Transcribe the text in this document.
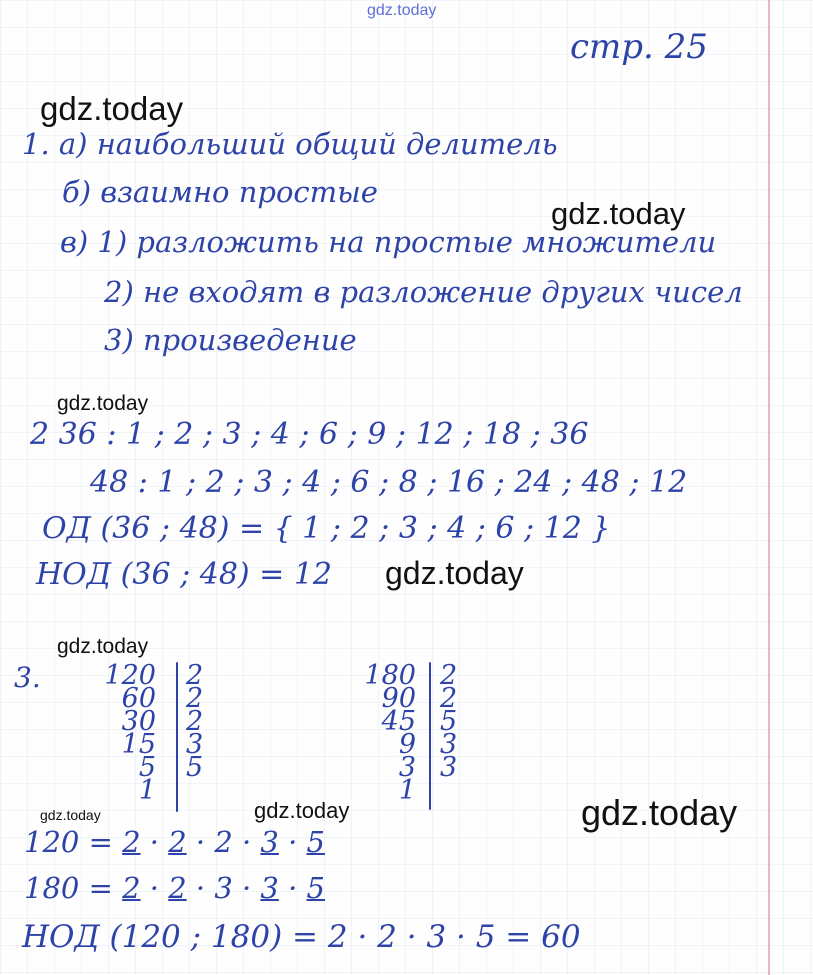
gdz.today
gdz.today
gdz.today
gdz.today
gdz.today
gdz.today
gdz.today	gdz.today	gdz.today
стр. 25
1. а) наибольший общий делитель
б) взаимно простые
в) 1) разложить на простые множители
2) не входят в разложение других чисел
3) произведение
2 36 : 1 ; 2 ; 3 ; 4 ; 6 ; 9 ; 12 ; 18 ; 36
48 : 1 ; 2 ; 3 ; 4 ; 6 ; 8 ; 16 ; 24 ; 48 ; 12
ОД (36 ; 48) = { 1 ; 2 ; 3 ; 4 ; 6 ; 12 }
НОД (36 ; 48) = 12
3. 120
60
30
15
5
1
2
2
2
3
5
180
90
45
9
3
1
2
2
5
3
3
120 = 2 · 2 · 2 · 3 · 5
180 = 2 · 2 · 3 · 3 · 5
НОД (120 ; 180) = 2 · 2 · 3 · 5 = 60
